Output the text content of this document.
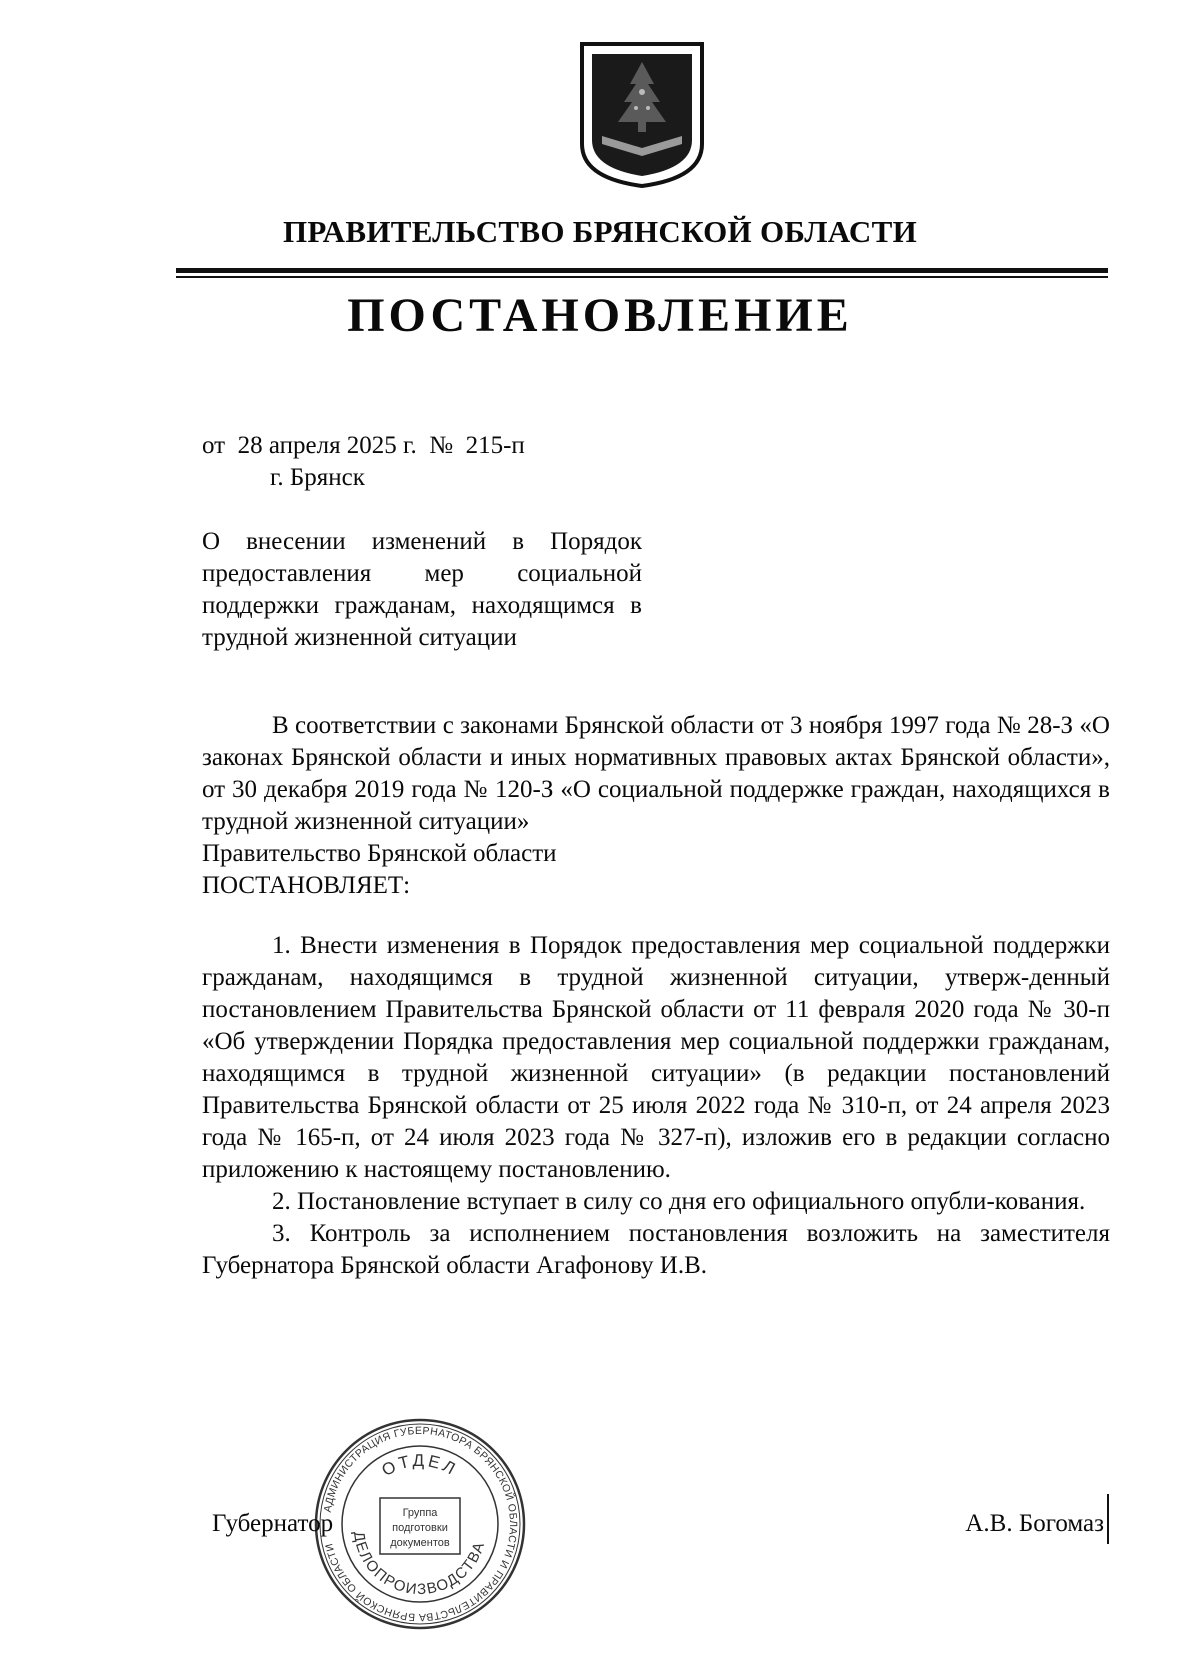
ПРАВИТЕЛЬСТВО БРЯНСКОЙ ОБЛАСТИ
ПОСТАНОВЛЕНИЕ
от  28 апреля 2025 г.  №  215-п
г. Брянск
О внесении изменений в Порядок предоставления мер социальной поддержки гражданам, находящимся в трудной жизненной ситуации
В соответствии с законами Брянской области от 3 ноября 1997 года № 28-З «О законах Брянской области и иных нормативных правовых актах Брянской области», от 30 декабря 2019 года № 120-З «О социальной поддержке граждан, находящихся в трудной жизненной ситуации»
Правительство Брянской области
ПОСТАНОВЛЯЕТ:

1. Внести изменения в Порядок предоставления мер социальной поддержки гражданам, находящимся в трудной жизненной ситуации, утверж-денный постановлением Правительства Брянской области от 11 февраля 2020 года № 30-п «Об утверждении Порядка предоставления мер социальной поддержки гражданам, находящимся в трудной жизненной ситуации» (в редакции постановлений Правительства Брянской области от 25 июля 2022 года № 310-п, от 24 апреля 2023 года № 165-п, от 24 июля 2023 года № 327-п), изложив его в редакции согласно приложению к настоящему постановлению.

2. Постановление вступает в силу со дня его официального опубли-кования.

3. Контроль за исполнением постановления возложить на заместителя Губернатора Брянской области Агафонову И.В.

АДМИНИСТРАЦИЯ ГУБЕРНАТОРА БРЯНСКОЙ ОБЛАСТИ И ПРАВИТЕЛЬСТВА БРЯНСКОЙ ОБЛАСТИ
ОТДЕЛ
ДЕЛОПРОИЗВОДСТВА
Группа
подготовки
документов
Губернатор	А.В. Богомаз
